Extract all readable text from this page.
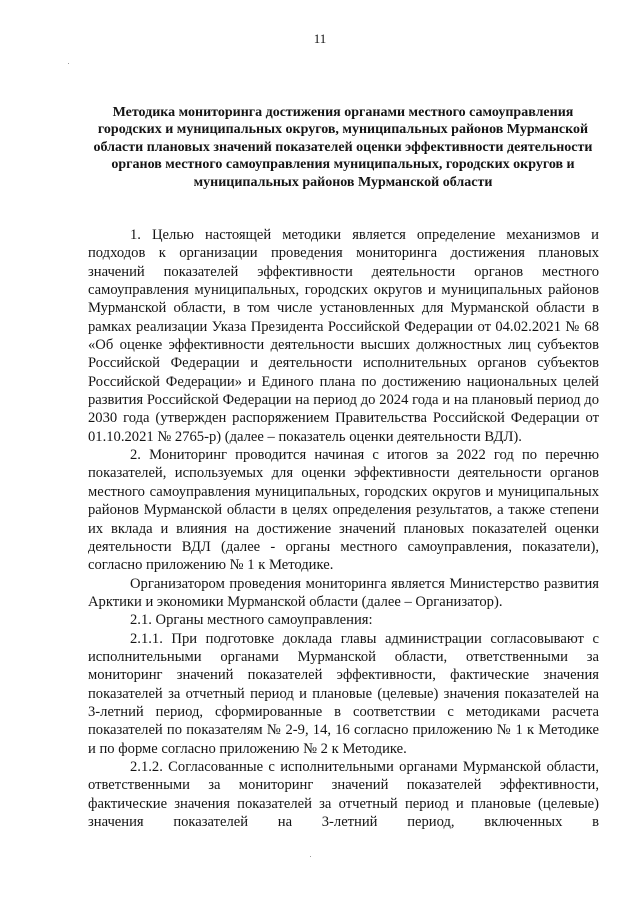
11
Методика мониторинга достижения органами местного самоуправления городских и муниципальных округов, муниципальных районов Мурманской области плановых значений показателей оценки эффективности деятельности органов местного самоуправления муниципальных, городских округов и муниципальных районов Мурманской области

1. Целью настоящей методики является определение механизмов и подходов к организации проведения мониторинга достижения плановых значений показателей эффективности деятельности органов местного самоуправления муниципальных, городских округов и муниципальных районов Мурманской области, в том числе установленных для Мурманской области в рамках реализации Указа Президента Российской Федерации от 04.02.2021 № 68 «Об оценке эффективности деятельности высших должностных лиц субъектов Российской Федерации и деятельности исполнительных органов субъектов Российской Федерации» и Единого плана по достижению национальных целей развития Российской Федерации на период до 2024 года и на плановый период до 2030 года (утвержден распоряжением Правительства Российской Федерации от 01.10.2021 № 2765-р) (далее – показатель оценки деятельности ВДЛ).

2. Мониторинг проводится начиная с итогов за 2022 год по перечню показателей, используемых для оценки эффективности деятельности органов местного самоуправления муниципальных, городских округов и муниципальных районов Мурманской области в целях определения результатов, а также степени их вклада и влияния на достижение значений плановых показателей оценки деятельности ВДЛ (далее - органы местного самоуправления, показатели), согласно приложению № 1 к Методике.

Организатором проведения мониторинга является Министерство развития Арктики и экономики Мурманской области (далее – Организатор).

2.1. Органы местного самоуправления:

2.1.1. При подготовке доклада главы администрации согласовывают с исполнительными органами Мурманской области, ответственными за мониторинг значений показателей эффективности, фактические значения показателей за отчетный период и плановые (целевые) значения показателей на 3-летний период, сформированные в соответствии с методиками расчета показателей по показателям № 2-9, 14, 16 согласно приложению № 1 к Методике и по форме согласно приложению № 2 к Методике.

2.1.2. Согласованные с исполнительными органами Мурманской области, ответственными за мониторинг значений показателей эффективности, фактические значения показателей за отчетный период и плановые (целевые) значения показателей на 3-летний период, включенных в
